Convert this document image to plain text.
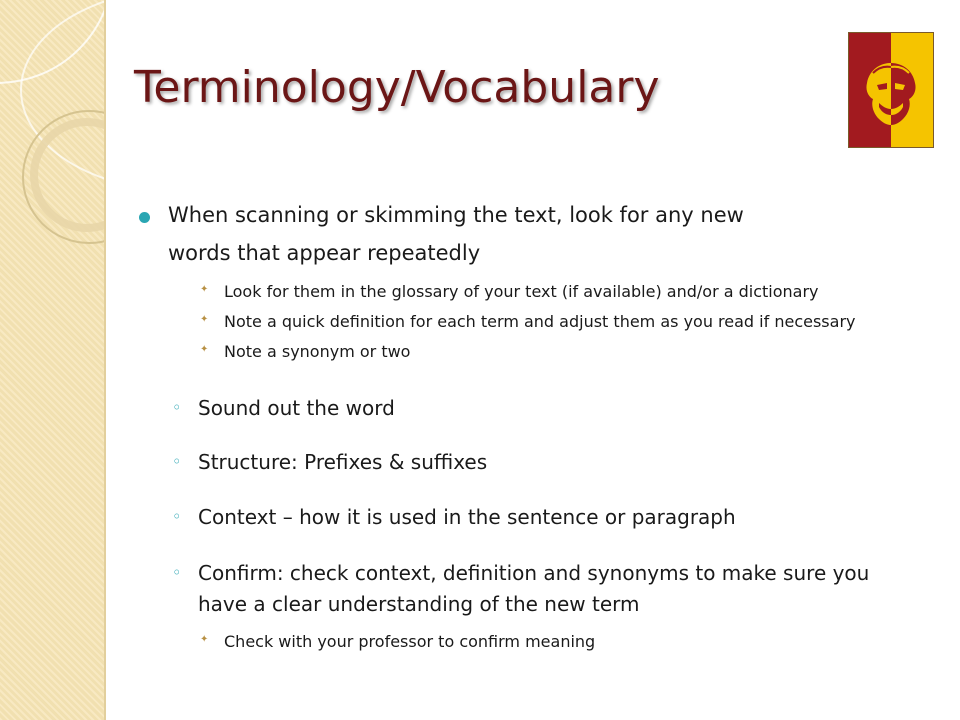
Terminology/Vocabulary
When scanning or skimming the text, look for any new
words that appear repeatedly
✦ Look for them in the glossary of your text (if available) and/or a dictionary
✦ Note a quick definition for each term and adjust them as you read if necessary
✦ Note a synonym or two
◦ Sound out the word
◦ Structure: Prefixes & suffixes
◦ Context – how it is used in the sentence or paragraph
◦ Confirm: check context, definition and synonyms to make sure you
have a clear understanding of the new term
✦ Check with your professor to confirm meaning
